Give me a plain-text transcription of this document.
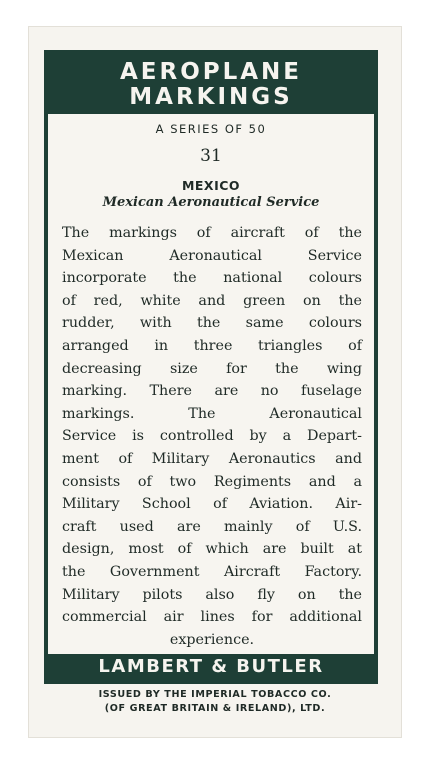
AEROPLANE
MARKINGS
A SERIES OF 50
31
MEXICO
Mexican Aeronautical Service
The markings of aircraft of the
Mexican Aeronautical Service
incorporate the national colours
of red, white and green on the
rudder, with the same colours
arranged in three triangles of
decreasing size for the wing
marking. There are no fuselage
markings. The Aeronautical
Service is controlled by a Depart-
ment of Military Aeronautics and
consists of two Regiments and a
Military School of Aviation. Air-
craft used are mainly of U.S.
design, most of which are built at
the Government Aircraft Factory.
Military pilots also fly on the
commercial air lines for additional
experience.
LAMBERT & BUTLER
ISSUED BY THE IMPERIAL TOBACCO CO.
(OF GREAT BRITAIN & IRELAND), LTD.
